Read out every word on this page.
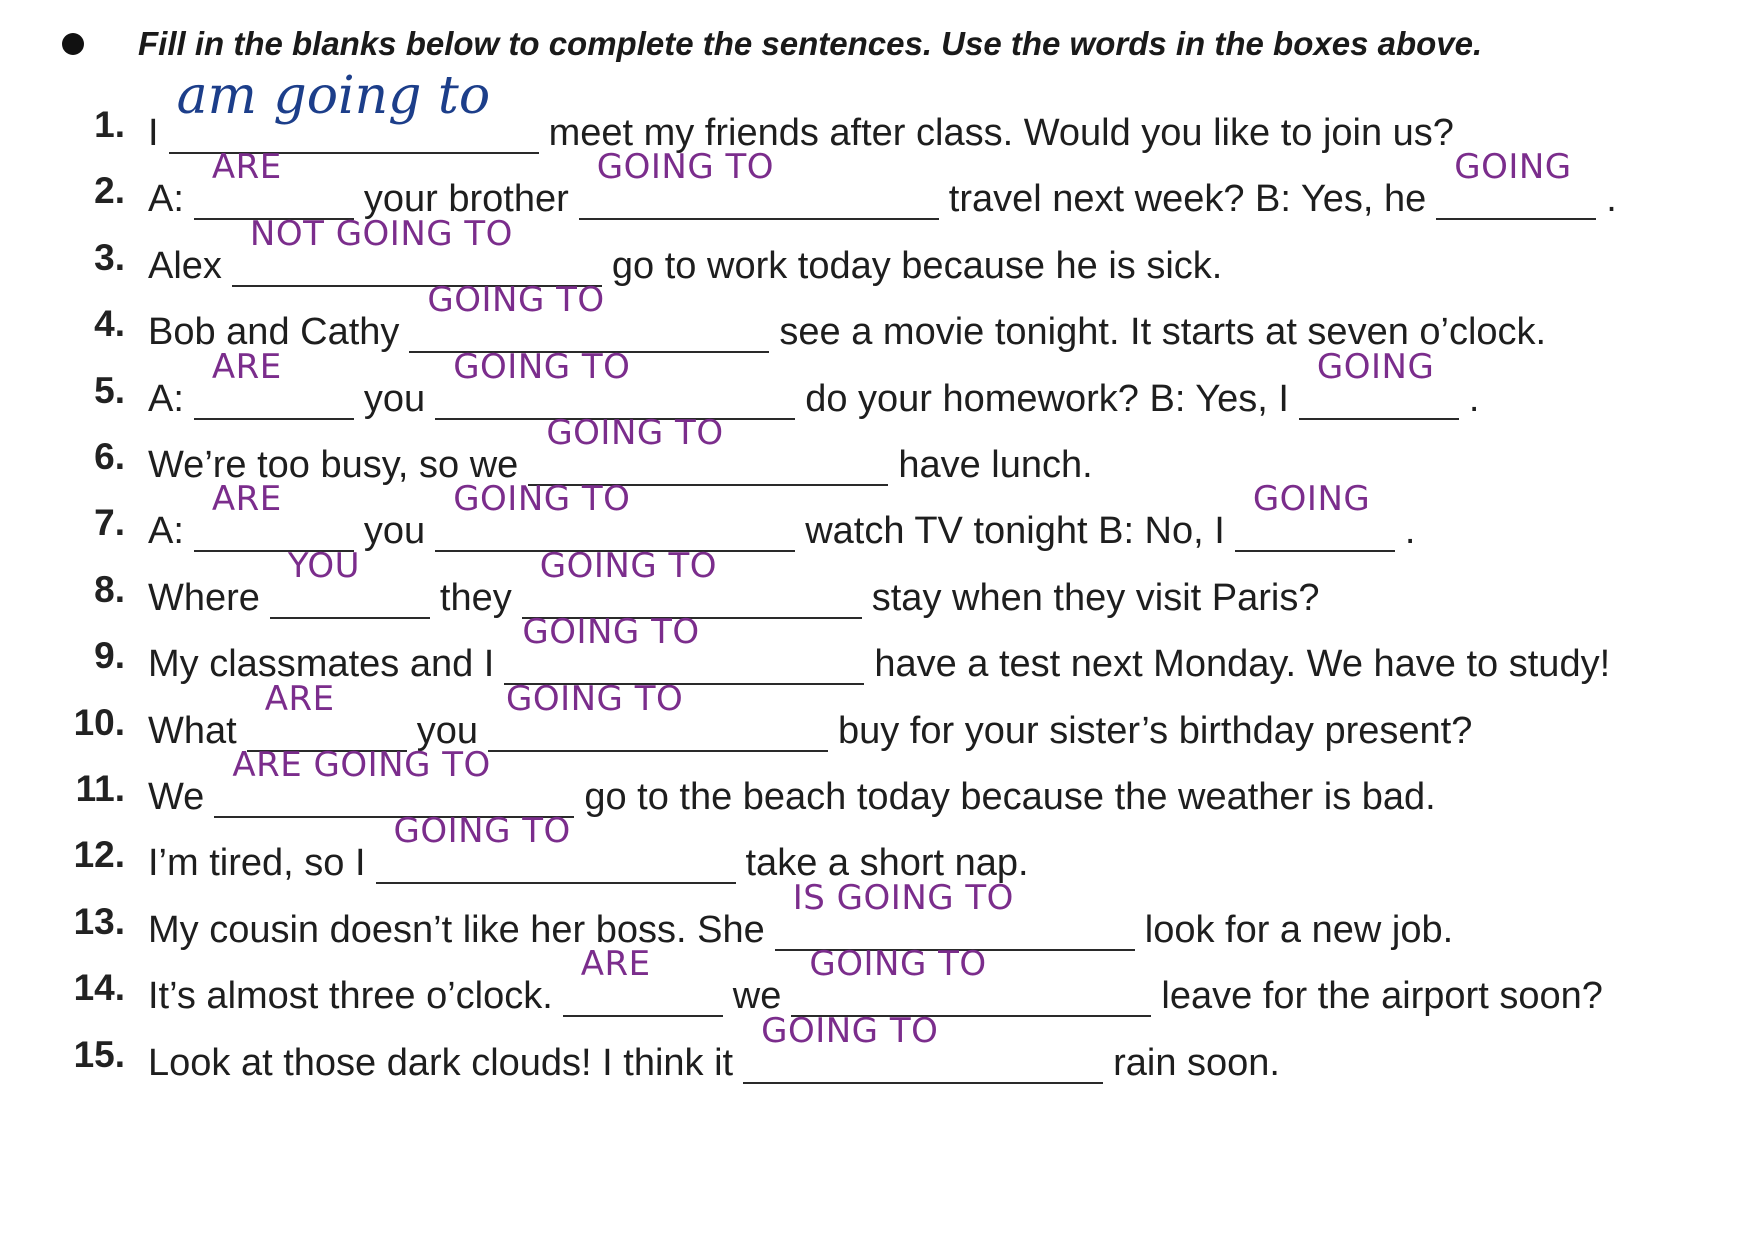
Fill in the blanks below to complete the sentences. Use the words in the boxes above.
1. I
am going to
meet my friends after class. Would you like to join us?
2. A:
ARE
your brother
GOING TO
travel next week? B: Yes, he
GOING
.
3. Alex
NOT GOING TO
go to work today because he is sick.
4. Bob and Cathy
GOING TO
see a movie tonight. It starts at seven o’clock.
5. A:
ARE
you
GOING TO
do your homework? B: Yes, I
GOING
.
6. We’re too busy, so we
GOING TO
have lunch.
7. A:
ARE
you
GOING TO
watch TV tonight B: No, I
GOING
.
8. Where
YOU
they
GOING TO
stay when they visit Paris?
9. My classmates and I
GOING TO
have a test next Monday. We have to study!
10. What
ARE
you
GOING TO
buy for your sister’s birthday present?
11. We
ARE GOING TO
go to the beach today because the weather is bad.
12. I’m tired, so I
GOING TO
take a short nap.
13. My cousin doesn’t like her boss. She
IS GOING TO
look for a new job.
14. It’s almost three o’clock.
ARE
we
GOING TO
leave for the airport soon?
15. Look at those dark clouds! I think it
GOING TO
rain soon.
